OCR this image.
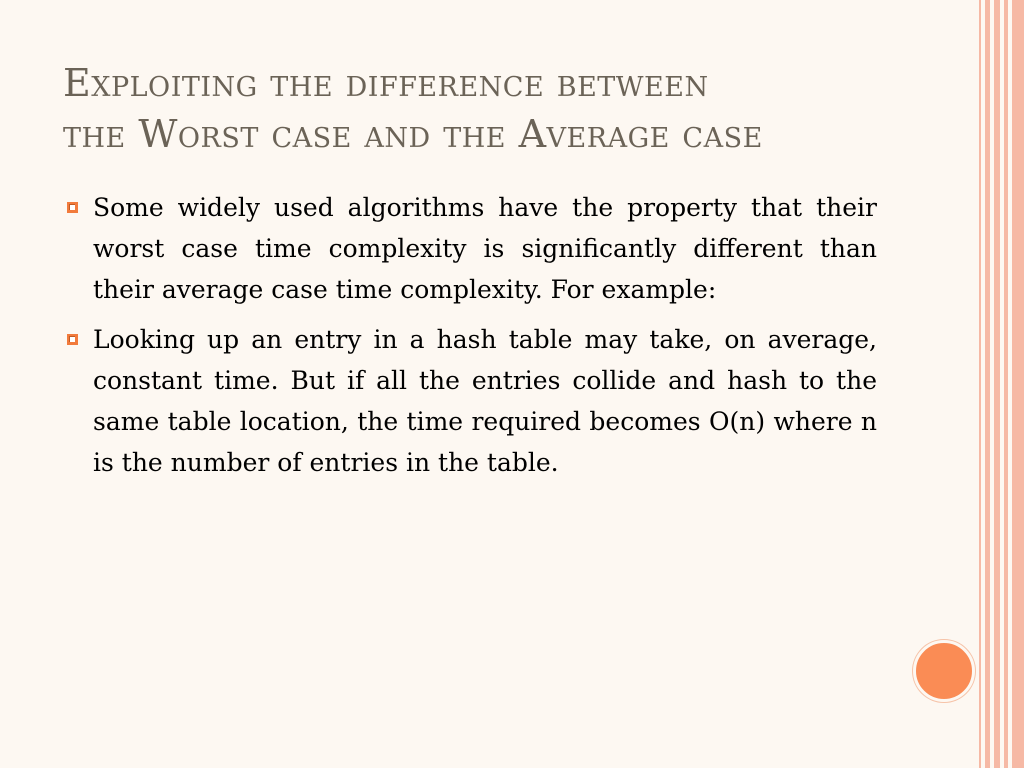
Exploiting the difference between
the Worst case and the Average case
Some widely used algorithms have the property that their worst case time complexity is significantly different than their average case time complexity. For example:
Looking up an entry in a hash table may take, on average, constant time. But if all the entries collide and hash to the same table location, the time required becomes O(n) where n is the number of entries in the table.
